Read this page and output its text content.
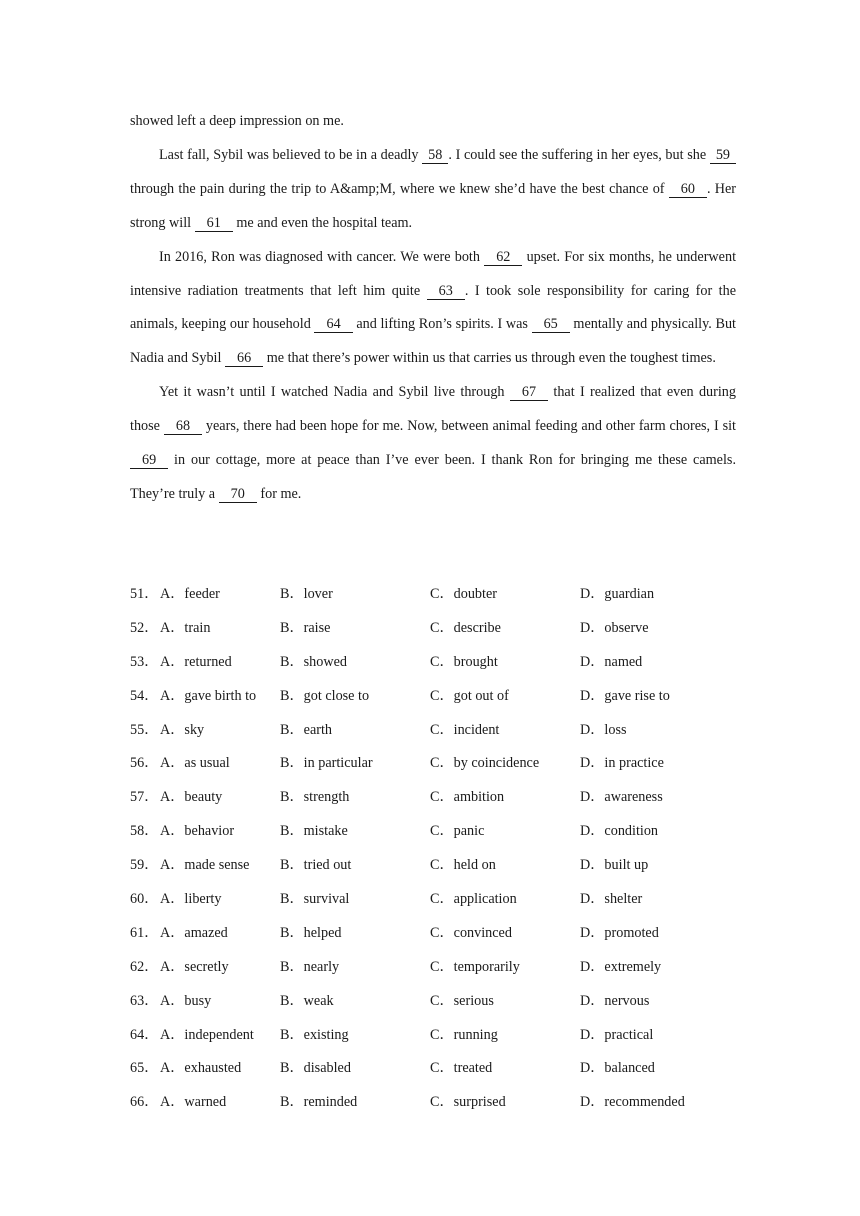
showed left a deep impression on me.

Last fall, Sybil was believed to be in a deadly 58 . I could see the suffering in her eyes, but she 59 through the pain during the trip to A&amp;M, where we knew she’d have the best chance of 60 . Her strong will 61 me and even the hospital team.

In 2016, Ron was diagnosed with cancer. We were both 62 upset. For six months, he underwent intensive radiation treatments that left him quite 63 . I took sole responsibility for caring for the animals, keeping our household 64 and lifting Ron’s spirits. I was 65 mentally and physically. But Nadia and Sybil 66 me that there’s power within us that carries us through even the toughest times.

Yet it wasn’t until I watched Nadia and Sybil live through 67 that I realized that even during those 68 years, there had been hope for me. Now, between animal feeding and other farm chores, I sit 69 in our cottage, more at peace than I’ve ever been. I thank Ron for bringing me these camels. They’re truly a 70 for me.

51． A．feeder	B．lover	C．doubter	D．guardian
52． A．train	B．raise	C．describe	D．observe
53． A．returned	B．showed	C．brought	D．named
54． A．gave birth to B．got close to	C．got out of	D．gave rise to
55． A．sky	B．earth	C．incident	D．loss
56． A．as usual	B．in particular	C．by coincidence	D．in practice
57． A．beauty	B．strength	C．ambition	D．awareness
58． A．behavior	B．mistake	C．panic	D．condition
59． A．made sense B．tried out	C．held on	D．built up
60． A．liberty	B．survival	C．application	D．shelter
61． A．amazed	B．helped	C．convinced	D．promoted
62． A．secretly	B．nearly	C．temporarily	D．extremely
63． A．busy	B．weak	C．serious	D．nervous
64． A．independent B．existing	C．running	D．practical
65． A．exhausted	B．disabled	C．treated	D．balanced
66． A．warned	B．reminded	C．surprised	D．recommended
